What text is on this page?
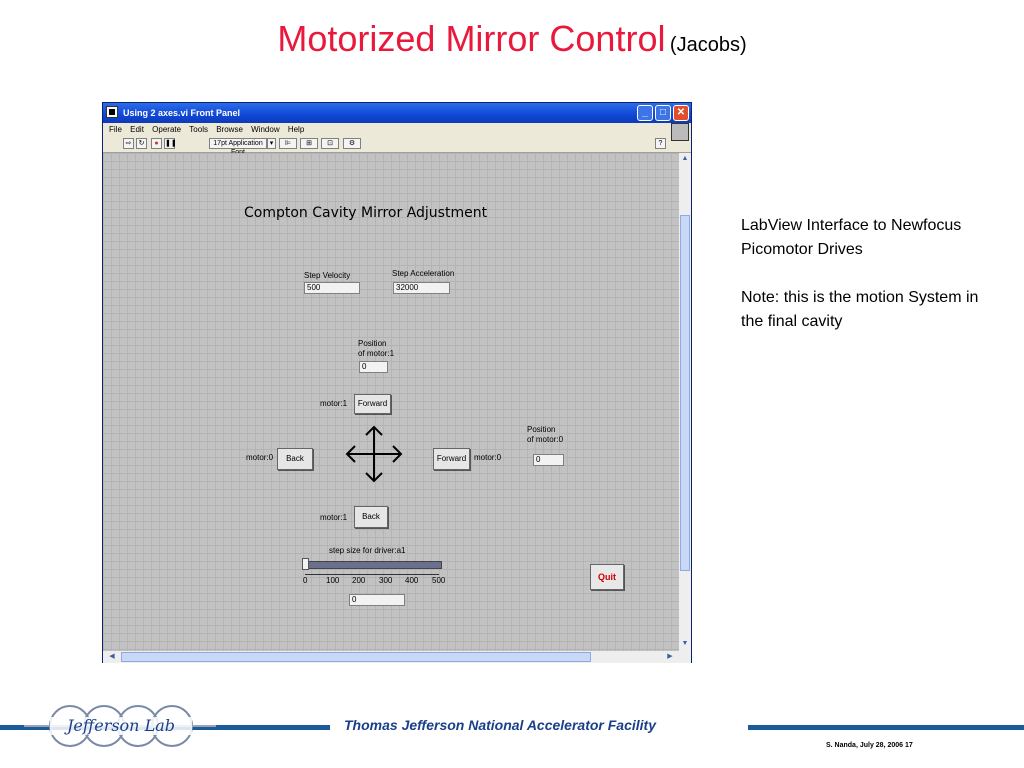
Motorized Mirror Control (Jacobs)
Using 2 axes.vi Front Panel	_	□	✕
File Edit Operate Tools Browse Window Help
⇨	↻	● ❚❚	17pt Application	▾	⊫	⊞	⊡	⚙	?
Compton Cavity Mirror Adjustment
Step Velocity
500
Step Acceleration
32000
Position
of motor:1
0
motor:1	Forward
Position
of motor:0
0
motor:0	Back	Forward motor:0
motor:1	Back
step size for driver:a1
0 100 200 300 400 500
0
Quit
▲
▼
◀	▶

LabView Interface to Newfocus Picomotor Drives

Note: this is the motion System in the final cavity

Jefferson Lab	Thomas Jefferson National Accelerator Facility
S. Nanda, July 28, 2006 17
